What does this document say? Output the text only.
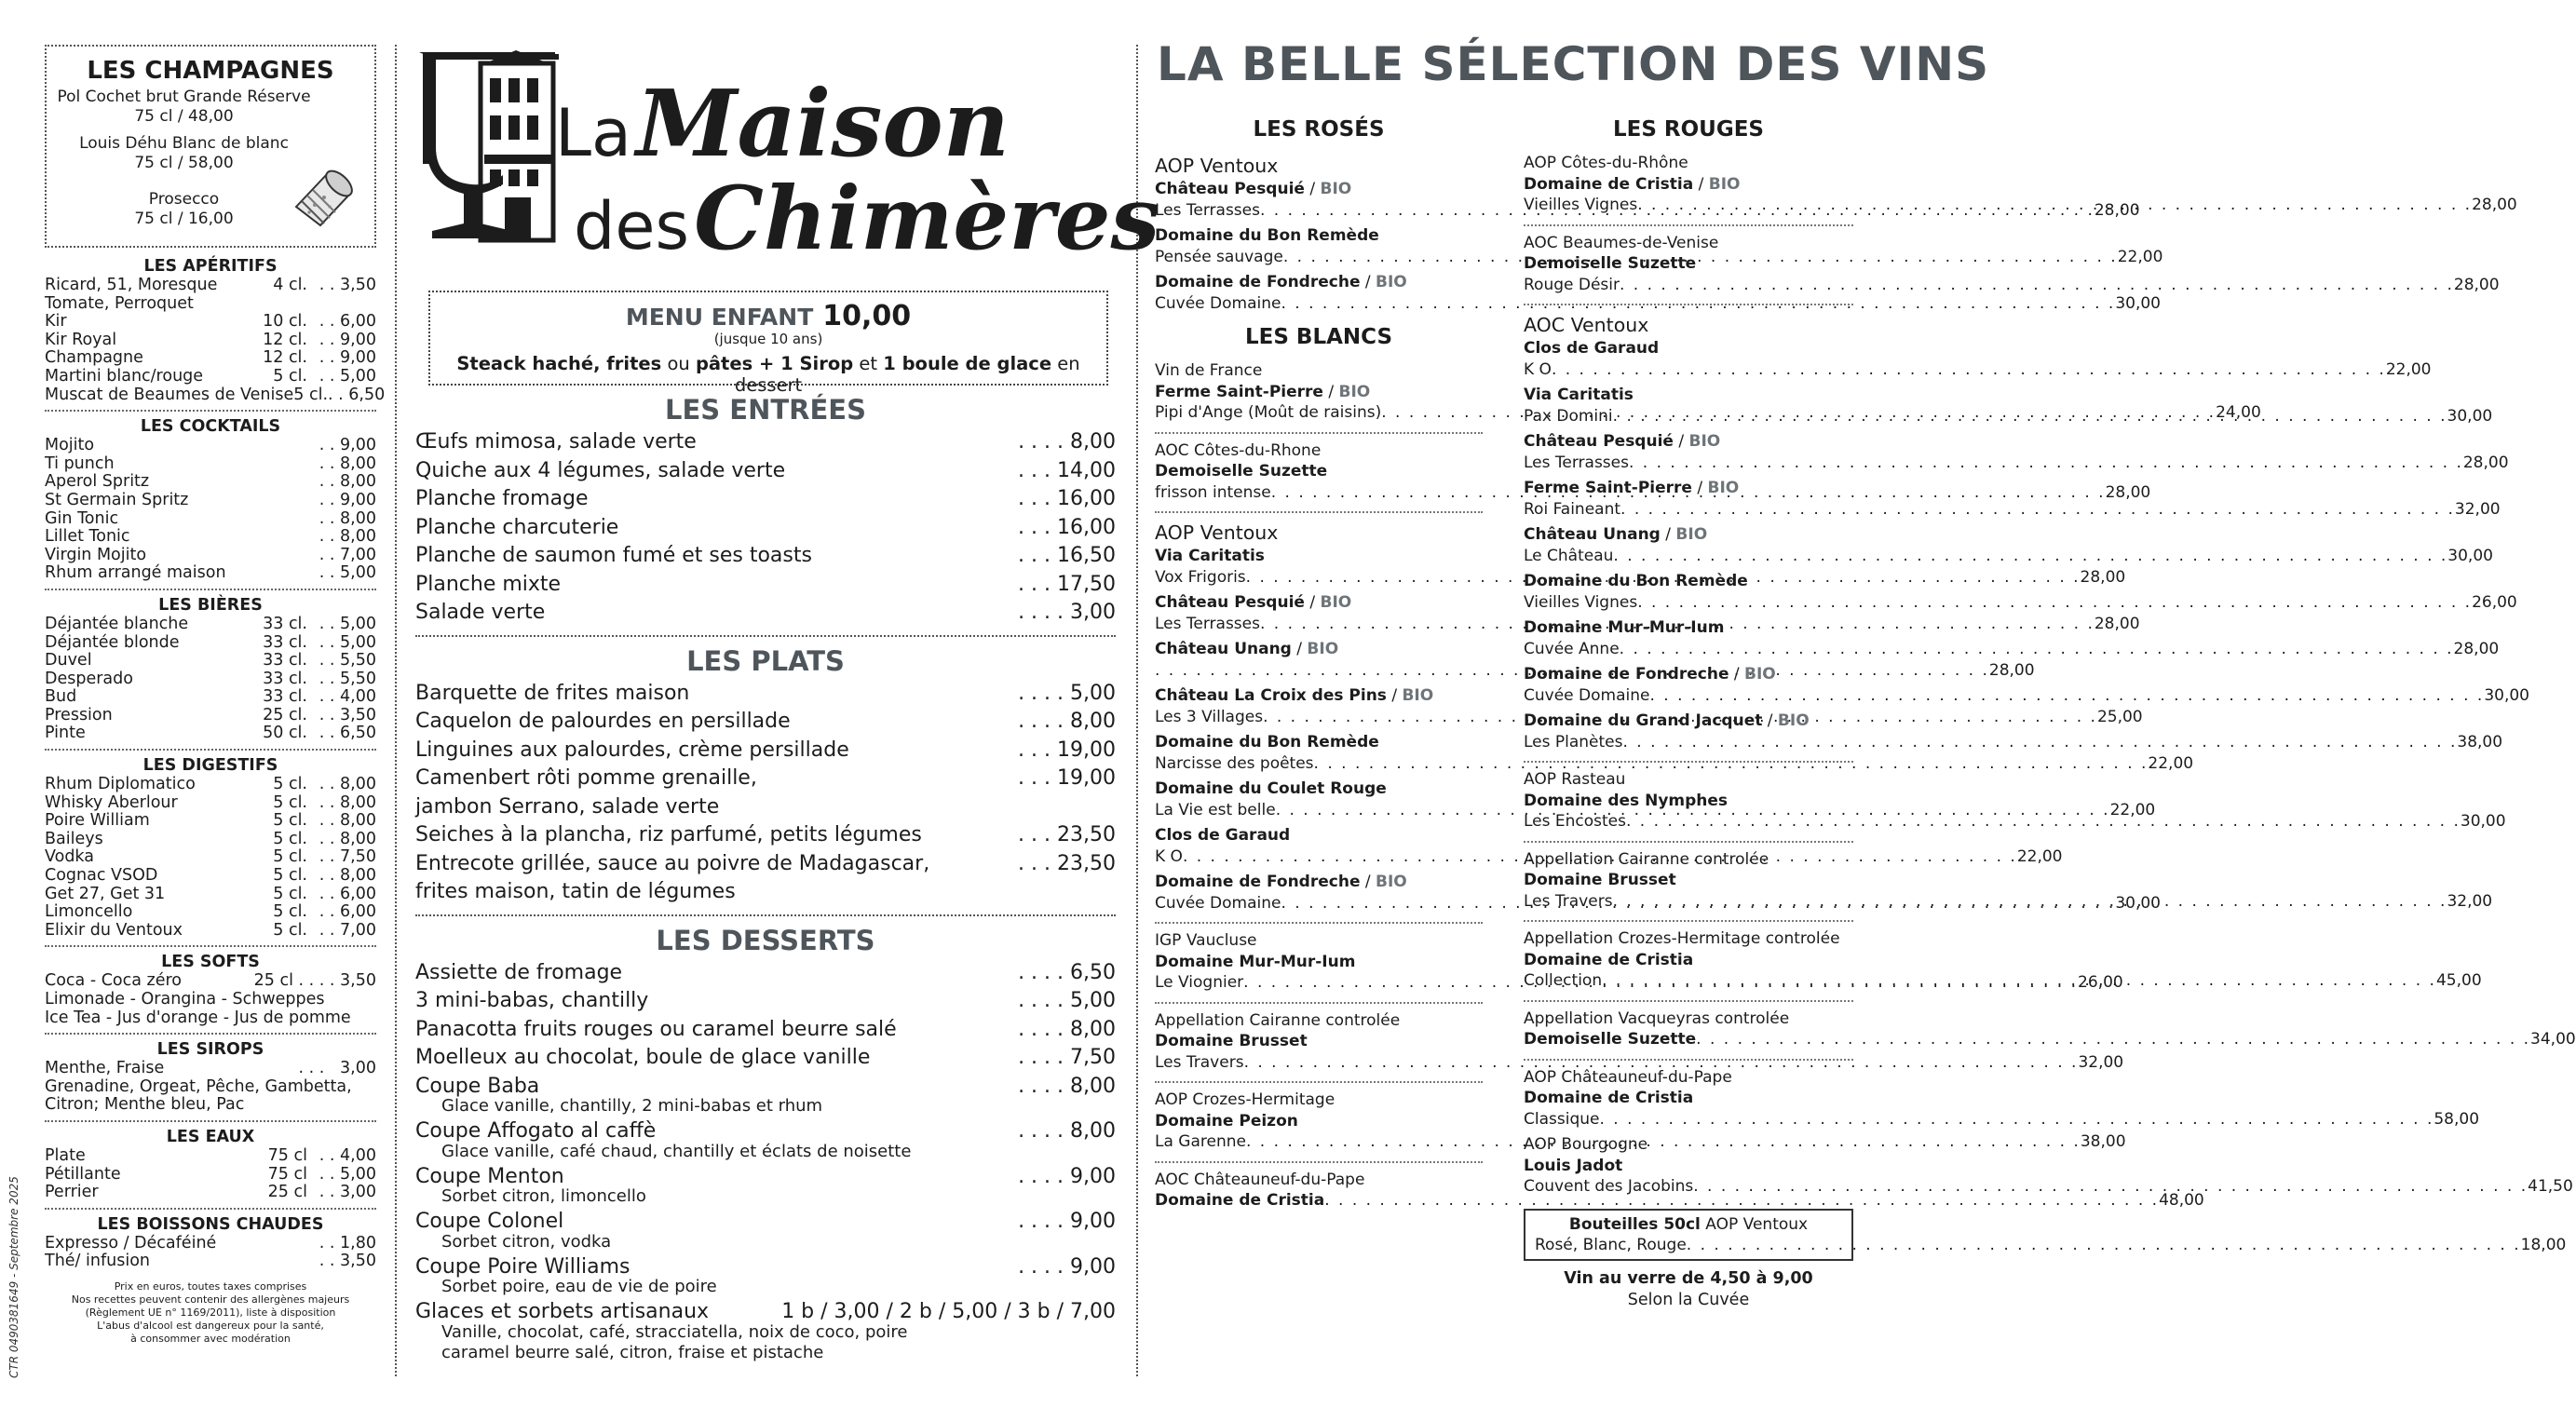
CTR 0490381649 - Septembre 2025
LES CHAMPAGNES
Pol Cochet brut Grande Réserve
75 cl / 48,00
Louis Déhu Blanc de blanc
75 cl / 58,00
Prosecco
75 cl / 16,00
LES APÉRITIFS
Ricard, 51, Moresque	4 cl. . . 3,50
Tomate, Perroquet
Kir	10 cl. . . 6,00
Kir Royal	12 cl. . . 9,00
Champagne	12 cl. . . 9,00
Martini blanc/rouge	5 cl. . . 5,00
Muscat de Beaumes de Venise 5 cl. . . 6,50
LES COCKTAILS
Mojito	. . 9,00
Ti punch	. . 8,00
Aperol Spritz	. . 8,00
St Germain Spritz	. . 9,00
Gin Tonic	. . 8,00
Lillet Tonic	. . 8,00
Virgin Mojito	. . 7,00
Rhum arrangé maison	. . 5,00
LES BIÈRES
Déjantée blanche	33 cl. . . 5,00
Déjantée blonde	33 cl. . . 5,00
Duvel	33 cl. . . 5,50
Desperado	33 cl. . . 5,50
Bud	33 cl. . . 4,00
Pression	25 cl. . . 3,50
Pinte	50 cl. . . 6,50
LES DIGESTIFS
Rhum Diplomatico	5 cl. . . 8,00
Whisky Aberlour	5 cl. . . 8,00
Poire William	5 cl. . . 8,00
Baileys	5 cl. . . 8,00
Vodka	5 cl. . . 7,50
Cognac VSOD	5 cl. . . 8,00
Get 27, Get 31	5 cl. . . 6,00
Limoncello	5 cl. . . 6,00
Elixir du Ventoux	5 cl. . . 7,00
LES SOFTS
Coca - Coca zéro	25 cl . . . . 3,50
Limonade - Orangina - Schweppes
Ice Tea - Jus d'orange - Jus de pomme
LES SIROPS
Menthe, Fraise	. . .   3,00
Grenadine, Orgeat, Pêche, Gambetta,
Citron; Menthe bleu, Pac
LES EAUX
Plate	75 cl . . 4,00
Pétillante	75 cl . . 5,00
Perrier	25 cl . . 3,00
LES BOISSONS CHAUDES
Expresso / Décaféiné	. . 1,80
Thé/ infusion	. . 3,50
Prix en euros, toutes taxes comprises
Nos recettes peuvent contenir des allergènes majeurs
(Règlement UE n° 1169/2011), liste à disposition
L'abus d'alcool est dangereux pour la santé,
à consommer avec modération
La Maison
des Chimères
MENU ENFANT 10,00
(jusque 10 ans)
Steack haché, frites ou pâtes + 1 Sirop et 1 boule de glace en dessert
LES ENTRÉES
Œufs mimosa, salade verte	. . . . 8,00
Quiche aux 4 légumes, salade verte	. . . 14,00
Planche fromage	. . . 16,00
Planche charcuterie	. . . 16,00
Planche de saumon fumé et ses toasts	. . . 16,50
Planche mixte	. . . 17,50
Salade verte	. . . . 3,00
LES PLATS
Barquette de frites maison	. . . . 5,00
Caquelon de palourdes en persillade	. . . . 8,00
Linguines aux palourdes, crème persillade	. . . 19,00
Camenbert rôti pomme grenaille,	. . . 19,00
jambon Serrano, salade verte
Seiches à la plancha, riz parfumé, petits légumes	. . . 23,50
Entrecote grillée, sauce au poivre de Madagascar,	. . . 23,50
frites maison, tatin de légumes
LES DESSERTS
Assiette de fromage	. . . . 6,50
3 mini-babas, chantilly	. . . . 5,00
Panacotta fruits rouges ou caramel beurre salé	. . . . 8,00
Moelleux au chocolat, boule de glace vanille	. . . . 7,50
Coupe Baba	. . . . 8,00
Glace vanille, chantilly, 2 mini-babas et rhum
Coupe Affogato al caffè	. . . . 8,00
Glace vanille, café chaud, chantilly et éclats de noisette
Coupe Menton	. . . . 9,00
Sorbet citron, limoncello
Coupe Colonel	. . . . 9,00
Sorbet citron, vodka
Coupe Poire Williams	. . . . 9,00
Sorbet poire, eau de vie de poire
Glaces et sorbets artisanaux	1 b / 3,00 / 2 b / 5,00 / 3 b / 7,00
Vanille, chocolat, café, stracciatella, noix de coco, poire
caramel beurre salé, citron, fraise et pistache
LA BELLE SÉLECTION DES VINS
LES ROSÉS
AOP Ventoux
Château Pesquié / BIO
Les Terrasses . . .	28,00
Domaine du Bon Remède
Pensée sauvage . . .	22,00
Domaine de Fondreche / BIO
Cuvée Domaine . . .	30,00
LES BLANCS
Vin de France
Ferme Saint-Pierre / BIO
Pipi d'Ange (Moût de raisins) . . .	24,00
AOC Côtes-du-Rhone
Demoiselle Suzette
frisson intense . . .	28,00
AOP Ventoux
Via Caritatis
Vox Frigoris . . .	28,00
Château Pesquié / BIO
Les Terrasses . . .	28,00
Château Unang / BIO
. . .
28,00
Château La Croix des Pins / BIO
Les 3 Villages . . .	25,00
Domaine du Bon Remède
Narcisse des poêtes . . .	22,00
Domaine du Coulet Rouge
La Vie est belle . . .	22,00
Clos de Garaud
K O . . .	22,00
Domaine de Fondreche / BIO
Cuvée Domaine . . .	30,00
IGP Vaucluse
Domaine Mur-Mur-Ium
Le Viognier . . .	26,00
Appellation Cairanne controlée
Domaine Brusset
Les Travers . . .	32,00
AOP Crozes-Hermitage
Domaine Peizon
La Garenne . . .	38,00
AOC Châteauneuf-du-Pape
Domaine de Cristia . . .	48,00
LES ROUGES
AOP Côtes-du-Rhône
Domaine de Cristia / BIO
Vieilles Vignes . . .	28,00
AOC Beaumes-de-Venise
Demoiselle Suzette
Rouge Désir . . .	28,00
AOC Ventoux
Clos de Garaud
K O . . .	22,00
Via Caritatis
Pax Domini . . .	30,00
Château Pesquié / BIO
Les Terrasses . . .	28,00
Ferme Saint-Pierre / BIO
Roi Faineant . . .	32,00
Château Unang / BIO
Le Château . . .	30,00
Domaine du Bon Remède
Vieilles Vignes . . .	26,00
Domaine Mur-Mur-Ium
Cuvée Anne . . .	28,00
Domaine de Fondreche / BIO
Cuvée Domaine . . .	30,00
Domaine du Grand Jacquet / BIO
Les Planètes . . .	38,00
AOP Rasteau
Domaine des Nymphes
Les Encostes . . .	30,00
Appellation Cairanne controlée
Domaine Brusset
Les Travers . . .	32,00
Appellation Crozes-Hermitage controlée
Domaine de Cristia
Collection . . .	45,00
Appellation Vacqueyras controlée
Demoiselle Suzette . . .	34,00
AOP Châteauneuf-du-Pape
Domaine de Cristia
Classique . . .	58,00
AOP Bourgogne
Louis Jadot
Couvent des Jacobins . . .	41,50
Bouteilles 50cl AOP Ventoux
Rosé, Blanc, Rouge . . .	18,00
Vin au verre de 4,50 à 9,00
Selon la Cuvée
